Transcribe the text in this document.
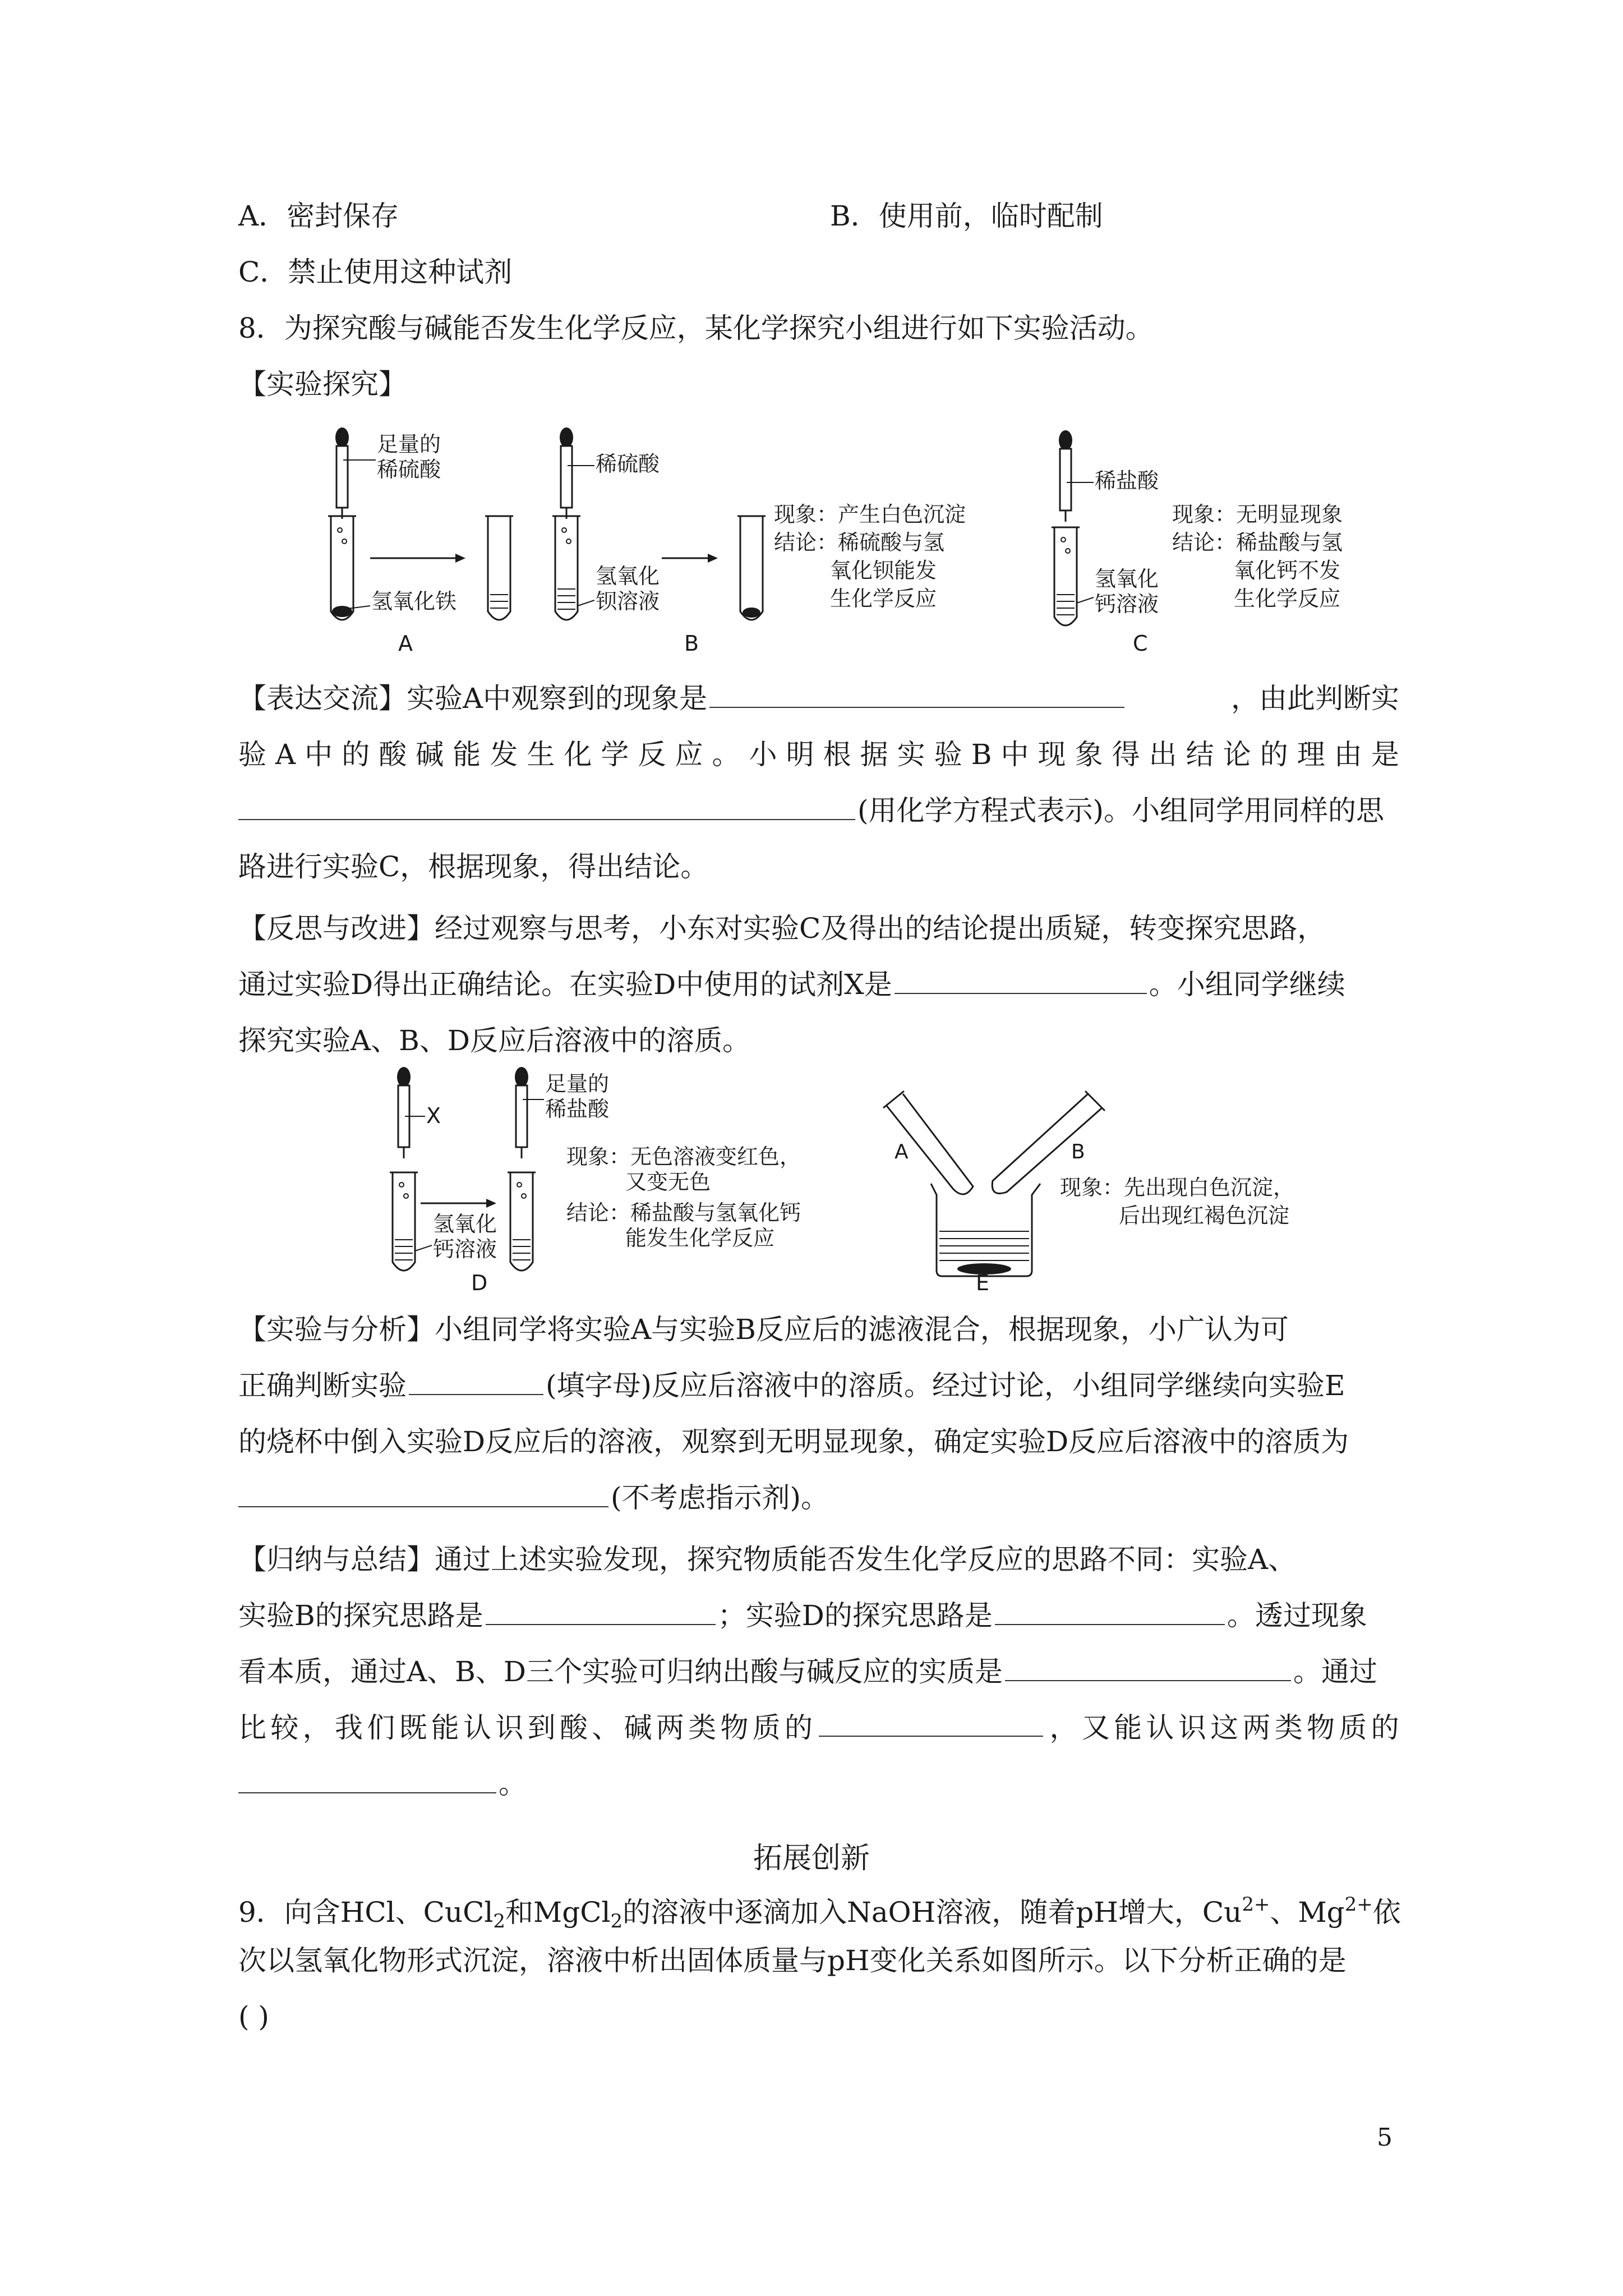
A．密封保存	B．使用前，临时配制
C．禁止使用这种试剂
8．为探究酸与碱能否发生化学反应，某化学探究小组进行如下实验活动。
【实验探究】
足量的
稀硫酸
氢氧化铁
A
稀硫酸
氢氧化
钡溶液
现象：产生白色沉淀
结论：稀硫酸与氢
氧化钡能发
生化学反应
B
稀盐酸
氢氧化
钙溶液
现象：无明显现象
结论：稀盐酸与氢
氧化钙不发
生化学反应
C
【表达交流】实验A中观察到的现象是	，由此判断实
验 A 中 的 酸 碱 能 发 生 化 学 反 应 。 小 明 根 据 实 验 B 中 现 象 得 出 结 论 的 理 由 是
(用化学方程式表示)。小组同学用同样的思
路进行实验C，根据现象，得出结论。
【反思与改进】经过观察与思考，小东对实验C及得出的结论提出质疑，转变探究思路，
通过实验D得出正确结论。在实验D中使用的试剂X是	。小组同学继续
探究实验A、B、D反应后溶液中的溶质。
X
足量的
稀盐酸
氢氧化
钙溶液
现象：无色溶液变红色，
又变无色
结论：稀盐酸与氢氧化钙
能发生化学反应
D
A	B
现象：先出现白色沉淀，
后出现红褐色沉淀
E
【实验与分析】小组同学将实验A与实验B反应后的滤液混合，根据现象，小广认为可
正确判断实验	(填字母)反应后溶液中的溶质。经过讨论，小组同学继续向实验E
的烧杯中倒入实验D反应后的溶液，观察到无明显现象，确定实验D反应后溶液中的溶质为
(不考虑指示剂)。
【归纳与总结】通过上述实验发现，探究物质能否发生化学反应的思路不同：实验A、
实验B的探究思路是	；实验D的探究思路是	。透过现象
看本质，通过A、B、D三个实验可归纳出酸与碱反应的实质是	。通过
比 较 ， 我 们 既 能 认 识 到 酸 、 碱 两 类 物 质 的	， 又 能 认 识 这 两 类 物 质 的
。
拓展创新
9．向含HCl、CuCl$_2$和MgCl$_2$的溶液中逐滴加入NaOH溶液，随着pH增大，$Cu^{2+}$、$Mg^{2+}$依
次以氢氧化物形式沉淀，溶液中析出固体质量与pH变化关系如图所示。以下分析正确的是
( )
5
